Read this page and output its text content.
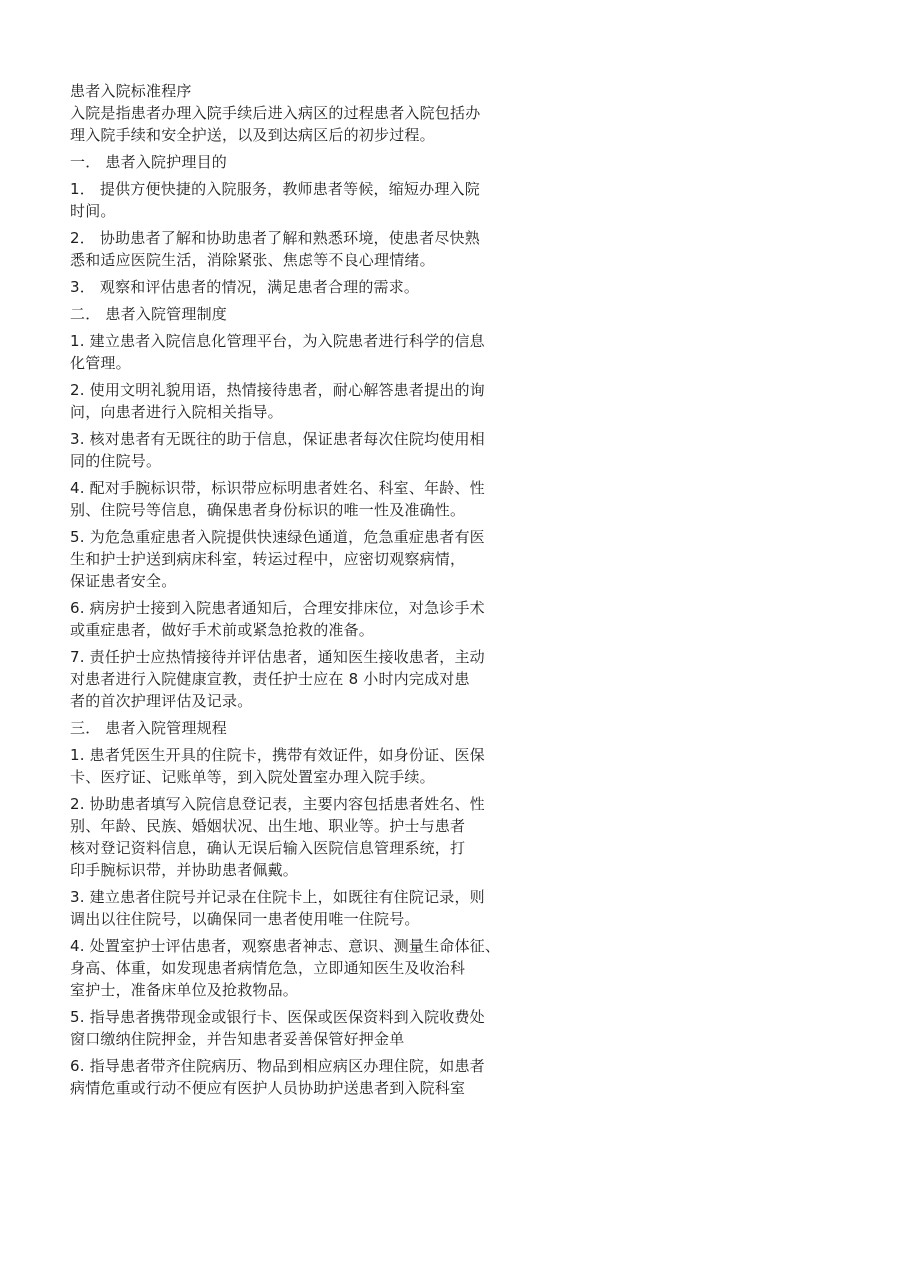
患者入院标准程序
入院是指患者办理入院手续后进入病区的过程患者入院包括办
理入院手续和安全护送，以及到达病区后的初步过程。
一． 患者入院护理目的
1． 提供方便快捷的入院服务，教师患者等候，缩短办理入院
时间。
2． 协助患者了解和协助患者了解和熟悉环境，使患者尽快熟
悉和适应医院生活，消除紧张、焦虑等不良心理情绪。
3． 观察和评估患者的情况，满足患者合理的需求。
二． 患者入院管理制度
1. 建立患者入院信息化管理平台，为入院患者进行科学的信息
化管理。
2. 使用文明礼貌用语，热情接待患者，耐心解答患者提出的询
问，向患者进行入院相关指导。
3. 核对患者有无既往的助于信息，保证患者每次住院均使用相
同的住院号。
4. 配对手腕标识带，标识带应标明患者姓名、科室、年龄、性
别、住院号等信息，确保患者身份标识的唯一性及准确性。
5. 为危急重症患者入院提供快速绿色通道，危急重症患者有医
生和护士护送到病床科室，转运过程中，应密切观察病情，
保证患者安全。
6. 病房护士接到入院患者通知后，合理安排床位，对急诊手术
或重症患者，做好手术前或紧急抢救的准备。
7. 责任护士应热情接待并评估患者，通知医生接收患者，主动
对患者进行入院健康宣教，责任护士应在 8 小时内完成对患
者的首次护理评估及记录。
三． 患者入院管理规程
1. 患者凭医生开具的住院卡，携带有效证件，如身份证、医保
卡、医疗证、记账单等，到入院处置室办理入院手续。
2. 协助患者填写入院信息登记表，主要内容包括患者姓名、性
别、年龄、民族、婚姻状况、出生地、职业等。护士与患者
核对登记资料信息，确认无误后输入医院信息管理系统，打
印手腕标识带，并协助患者佩戴。
3. 建立患者住院号并记录在住院卡上，如既往有住院记录，则
调出以往住院号，以确保同一患者使用唯一住院号。
4. 处置室护士评估患者，观察患者神志、意识、测量生命体征、
身高、体重，如发现患者病情危急，立即通知医生及收治科
室护士，准备床单位及抢救物品。
5. 指导患者携带现金或银行卡、医保或医保资料到入院收费处
窗口缴纳住院押金，并告知患者妥善保管好押金单
6. 指导患者带齐住院病历、物品到相应病区办理住院，如患者
病情危重或行动不便应有医护人员协助护送患者到入院科室
